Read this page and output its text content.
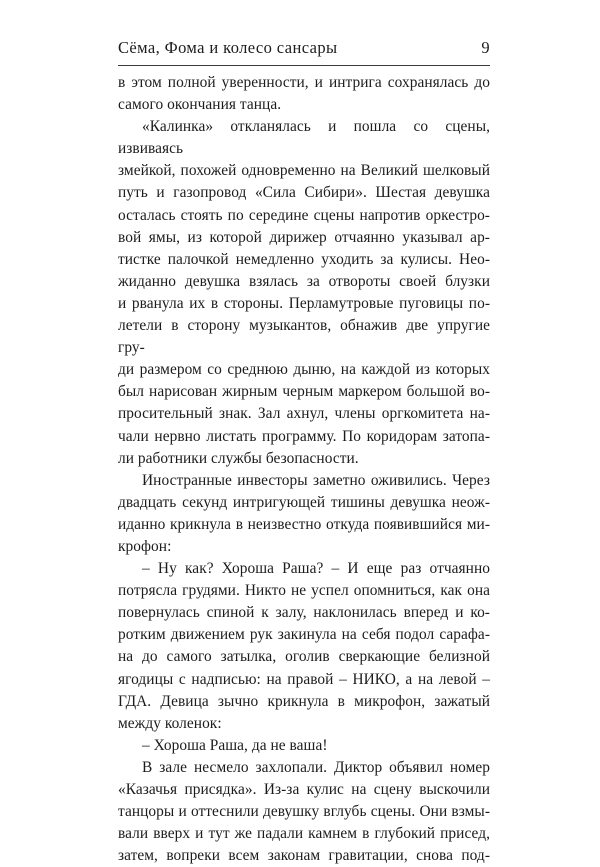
Сёма, Фома и колесо сансары	9

в этом полной уверенности, и интрига сохранялась до

самого окончания танца.

«Калинка» откланялась и пошла со сцены, извиваясь

змейкой, похожей одновременно на Великий шелковый

путь и газопровод «Сила Сибири». Шестая девушка

осталась стоять по середине сцены напротив оркестро-

вой ямы, из которой дирижер отчаянно указывал ар-

тистке палочкой немедленно уходить за кулисы. Нео-

жиданно девушка взялась за отвороты своей блузки

и рванула их в стороны. Перламутровые пуговицы по-

летели в сторону музыкантов, обнажив две упругие гру-

ди размером со среднюю дыню, на каждой из которых

был нарисован жирным черным маркером большой во-

просительный знак. Зал ахнул, члены оргкомитета на-

чали нервно листать программу. По коридорам затопа-

ли работники службы безопасности.

Иностранные инвесторы заметно оживились. Через

двадцать секунд интригующей тишины девушка неож-

иданно крикнула в неизвестно откуда появившийся ми-

крофон:

– Ну как? Хороша Раша? – И еще раз отчаянно

потрясла грудями. Никто не успел опомниться, как она

повернулась спиной к залу, наклонилась вперед и ко-

ротким движением рук закинула на себя подол сарафа-

на до самого затылка, оголив сверкающие белизной

ягодицы с надписью: на правой – НИКО, а на левой –

ГДА. Девица зычно крикнула в микрофон, зажатый

между коленок:

– Хороша Раша, да не ваша!

В зале несмело захлопали. Диктор объявил номер

«Казачья присядка». Из-за кулис на сцену выскочили

танцоры и оттеснили девушку вглубь сцены. Они взмы-

вали вверх и тут же падали камнем в глубокий присед,

затем, вопреки всем законам гравитации, снова под-
